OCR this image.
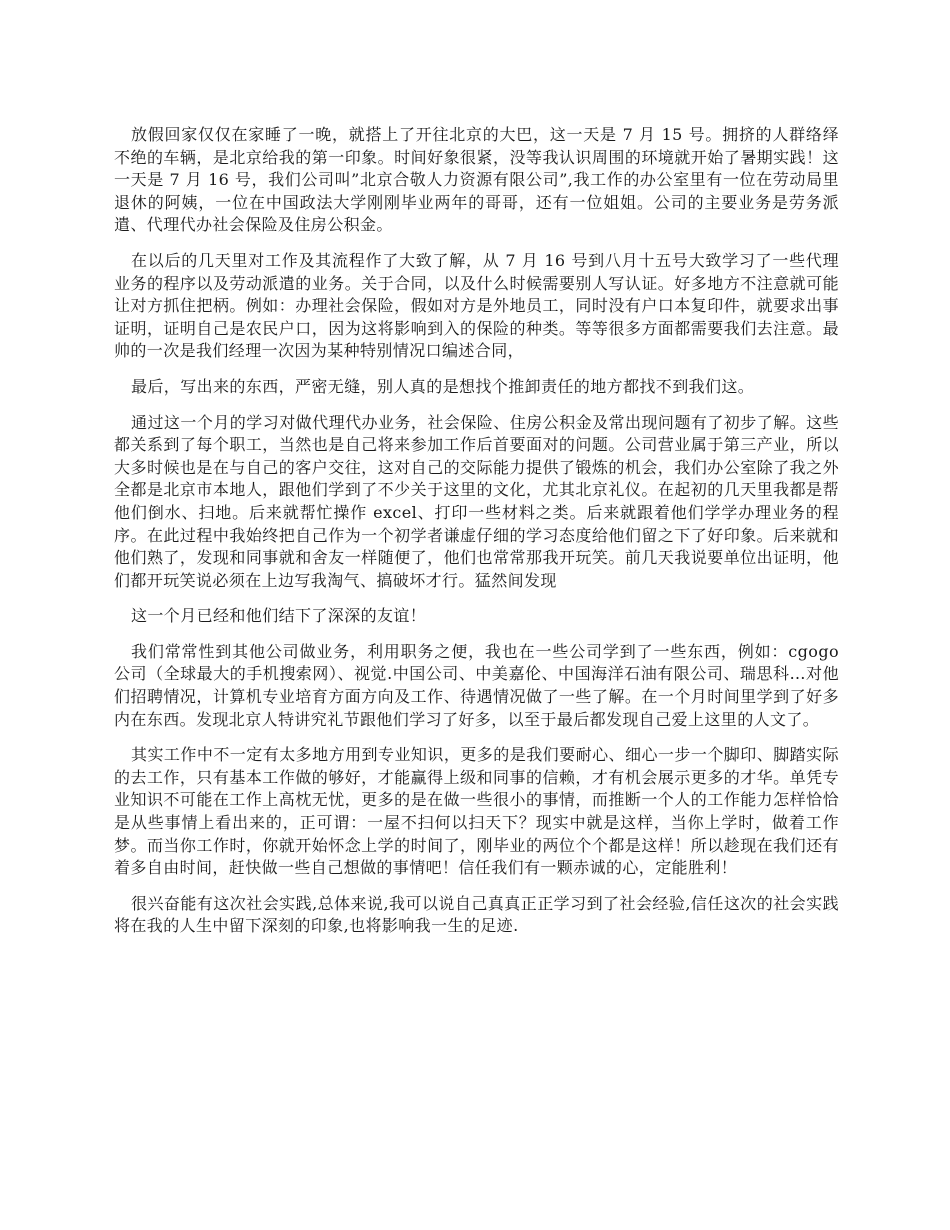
放假回家仅仅在家睡了一晚，就搭上了开往北京的大巴，这一天是 7 月 15 号。拥挤的人群络绎不绝的车辆，是北京给我的第一印象。时间好象很紧，没等我认识周围的环境就开始了暑期实践！这一天是 7 月 16 号，我们公司叫”北京合敬人力资源有限公司”,我工作的办公室里有一位在劳动局里退休的阿姨，一位在中国政法大学刚刚毕业两年的哥哥，还有一位姐姐。公司的主要业务是劳务派遣、代理代办社会保险及住房公积金。

在以后的几天里对工作及其流程作了大致了解，从 7 月 16 号到八月十五号大致学习了一些代理业务的程序以及劳动派遣的业务。关于合同，以及什么时候需要别人写认证。好多地方不注意就可能让对方抓住把柄。例如：办理社会保险，假如对方是外地员工，同时没有户口本复印件，就要求出事证明，证明自己是农民户口，因为这将影响到入的保险的种类。等等很多方面都需要我们去注意。最帅的一次是我们经理一次因为某种特别情况口编述合同，

最后，写出来的东西，严密无缝，别人真的是想找个推卸责任的地方都找不到我们这。

通过这一个月的学习对做代理代办业务，社会保险、住房公积金及常出现问题有了初步了解。这些都关系到了每个职工，当然也是自己将来参加工作后首要面对的问题。公司营业属于第三产业，所以大多时候也是在与自己的客户交往，这对自己的交际能力提供了锻炼的机会，我们办公室除了我之外全都是北京市本地人，跟他们学到了不少关于这里的文化，尤其北京礼仪。在起初的几天里我都是帮他们倒水、扫地。后来就帮忙操作 excel、打印一些材料之类。后来就跟着他们学学办理业务的程序。在此过程中我始终把自己作为一个初学者谦虚仔细的学习态度给他们留之下了好印象。后来就和他们熟了，发现和同事就和舍友一样随便了，他们也常常那我开玩笑。前几天我说要单位出证明，他们都开玩笑说必须在上边写我淘气、搞破坏才行。猛然间发现

这一个月已经和他们结下了深深的友谊！

我们常常性到其他公司做业务，利用职务之便，我也在一些公司学到了一些东西，例如：cgogo 公司（全球最大的手机搜索网）、视觉.中国公司、中美嘉伦、中国海洋石油有限公司、瑞思科…对他们招聘情况，计算机专业培育方面方向及工作、待遇情况做了一些了解。在一个月时间里学到了好多内在东西。发现北京人特讲究礼节跟他们学习了好多，以至于最后都发现自己爱上这里的人文了。

其实工作中不一定有太多地方用到专业知识，更多的是我们要耐心、细心一步一个脚印、脚踏实际的去工作，只有基本工作做的够好，才能赢得上级和同事的信赖，才有机会展示更多的才华。单凭专业知识不可能在工作上高枕无忧，更多的是在做一些很小的事情，而推断一个人的工作能力怎样恰恰是从些事情上看出来的，正可谓：一屋不扫何以扫天下？现实中就是这样，当你上学时，做着工作梦。而当你工作时，你就开始怀念上学的时间了，刚毕业的两位个个都是这样！所以趁现在我们还有着多自由时间，赶快做一些自己想做的事情吧！信任我们有一颗赤诚的心，定能胜利！

很兴奋能有这次社会实践,总体来说,我可以说自己真真正正学习到了社会经验,信任这次的社会实践将在我的人生中留下深刻的印象,也将影响我一生的足迹.
